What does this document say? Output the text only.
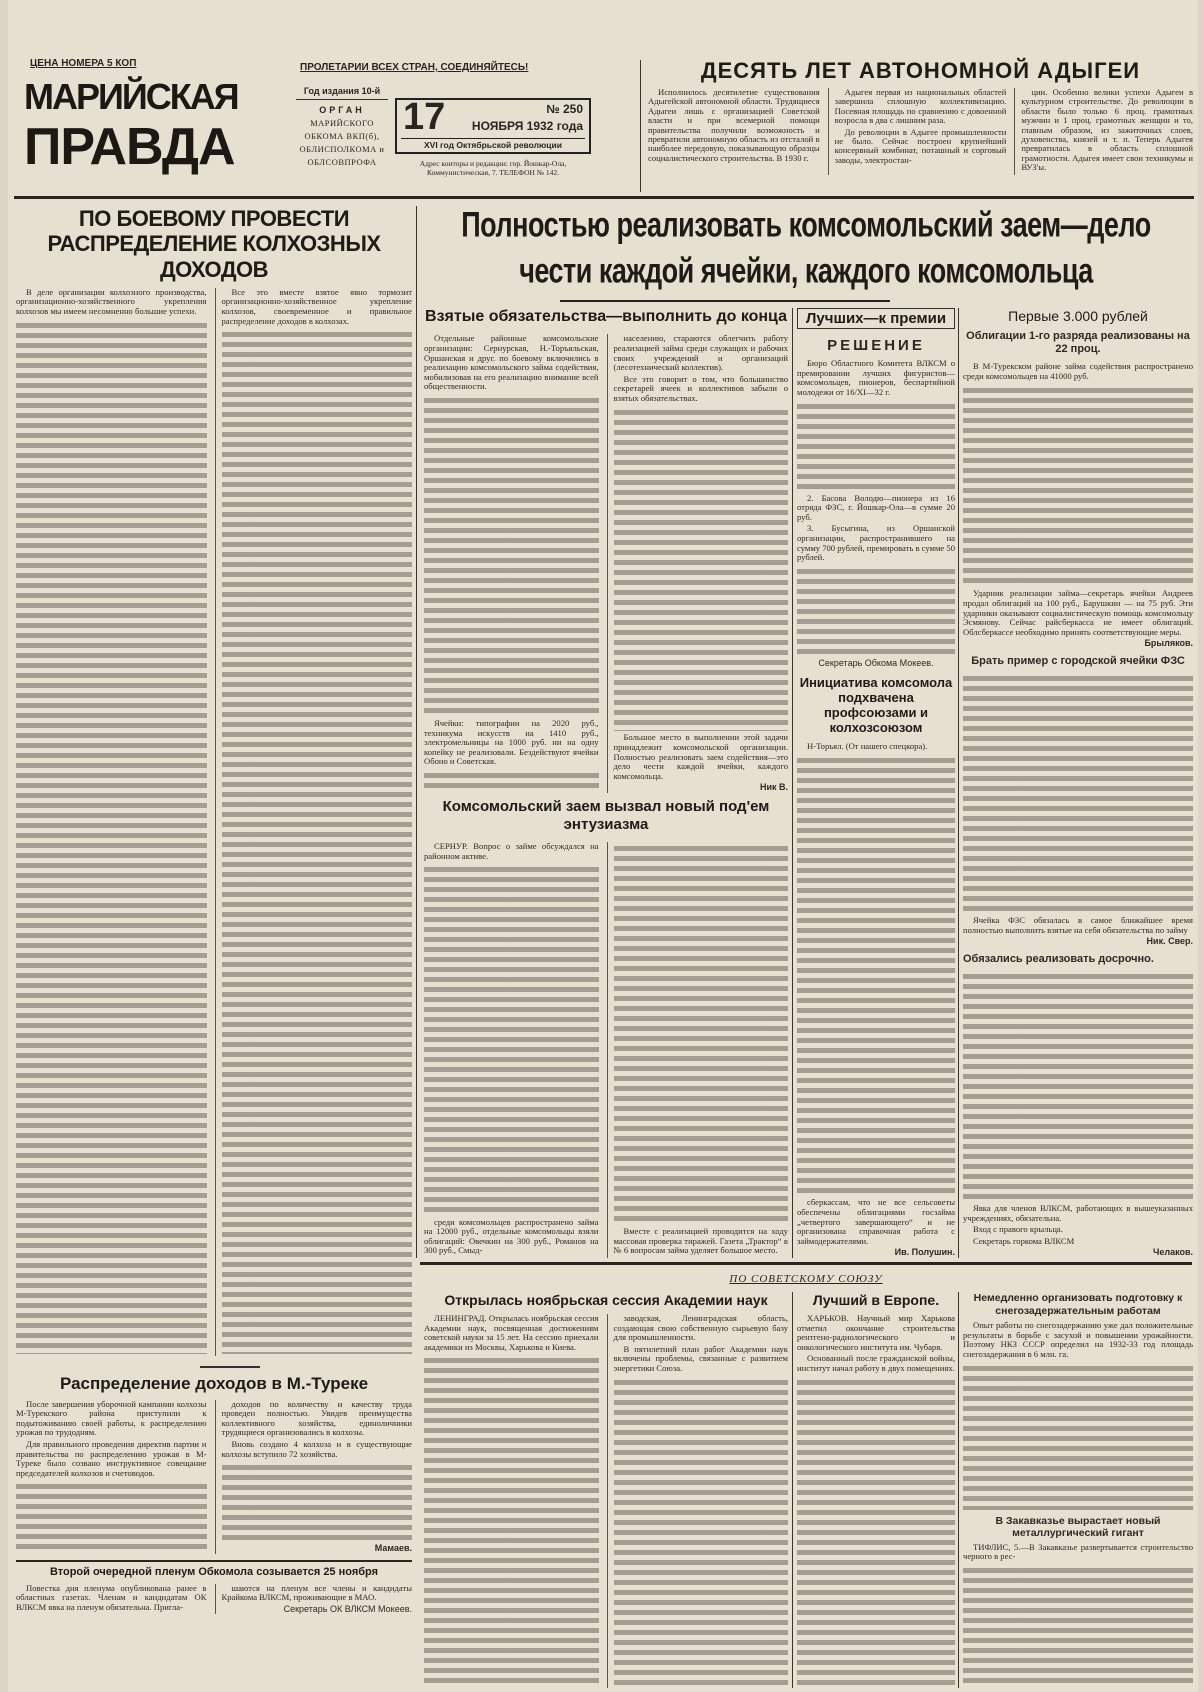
ЦЕНА НОМЕРА 5 КОП
МАРИЙСКАЯ
ПРАВДА
ПРОЛЕТАРИИ ВСЕХ СТРАН, СОЕДИНЯЙТЕСЬ!
Год издания 10-й
ОРГАН
МАРИЙСКОГО ОБКОМА ВКП(б), ОБЛИСПОЛКОМА и ОБЛСОВПРОФА
17	№ 250
НОЯБРЯ 1932 года
XVI год Октябрьской революции
Адрес конторы и редакции: гор. Йошкар-Ола, Коммунистическая, 7. ТЕЛЕФОН № 142.
ДЕСЯТЬ ЛЕТ АВТОНОМНОЙ АДЫГЕИ

Исполнилось десятилетие существования Адыгейской автономной области. Трудящиеся Адыгеи лишь с организацией Советской власти и при всемерной помощи правительства получили возможность и превратили автономную область из отсталой в наиболее передовую, показывающую образцы социалистического строительства. В 1930 г.

Адыгея первая из национальных областей завершила сплошную коллективизацию. Посевная площадь по сравнению с довоенной возросла в два с лишним раза.

До революции в Адыгее промышленности не было. Сейчас построен крупнейший консервный комбинат, поташный и сорговый заводы, электростан-

ции. Особенно велики успехи Адыгеи в культурном строительстве. До революции в области было только 6 проц. грамотных мужчин и 1 проц. грамотных женщин и то, главным образом, из зажиточных слоев, духовенства, князей и т. п. Теперь Адыгея превратилась в область сплошной грамотности. Адыгея имеет свои техникумы и ВУЗ'ы.

ПО БОЕВОМУ ПРОВЕСТИ РАСПРЕДЕЛЕНИЕ КОЛХОЗНЫХ ДОХОДОВ

В деле организации колхозного производства, организационно-хозяйственного укрепления колхозов мы имеем несомненно большие успехи.

Все это вместе взятое явно тормозит организационно-хозяйственное укрепление колхозов, своевременное и правильное распределение доходов в колхозах.

Полностью реализовать комсомольский заем—дело
чести каждой ячейки, каждого комсомольца
Взятые обязательства—выполнить до конца

Отдельные районные комсомольские организации: Сернурская, Н.-Торъяльская, Оршанская и друг. по боевому включились в реализацию комсомольского займа содействия, мобилизовав на его реализацию внимание всей общественности.

Ячейки: типографии на 2020 руб., техникума искусств на 1410 руб., электромельницы на 1000 руб. ни на одну копейку не реализовали. Бездействуют ячейки Обоно и Советская.

населению, стараются облегчить работу реализацией займа среди служащих и рабочих своих учреждений и организаций (лесотехнический коллектив).

Все это говорит о том, что большинство секретарей ячеек и коллективов забыли о взятых обязательствах.

Большое место в выполнении этой задачи принадлежит комсомольской организации. Полностью реализовать заем содействия—это дело чести каждой ячейки, каждого комсомольца.

Ник В.
Комсомольский заем вызвал новый под'ем энтузиазма

СЕРНУР. Вопрос о займе обсуждался на районном активе.

среди комсомольцев распространено займа на 12000 руб., отдельные комсомольцы взяли облигаций: Овечкин на 300 руб., Романов на 300 руб., Смыд-

Вместе с реализацией проводится на ходу массовая проверка тиражей. Газета „Трактор“ в № 6 вопросам займа уделяет большое место.

Лучших—к премии
РЕШЕНИЕ

Бюро Областного Комитета ВЛКСМ о премировании лучших фигуристов—комсомольцев, пионеров, беспартийной молодежи от 16/XI—32 г.

2. Басова Володю—пионера из 16 отряда ФЗС, г. Йошкар-Ола—в сумме 20 руб.

3. Бусыгина, из Оршанской организации, распространившего на сумму 700 рублей, премировать в сумме 50 рублей.

Секретарь Обкома Мокеев.
Инициатива комсомола подхвачена профсоюзами и колхозсоюзом

Н-Торьял. (От нашего спецкора).

сберкассам, что не все сельсоветы обеспечены облигациями госзайма „четвертого завершающего“ и не организована справочная работа с займодержателями.

Ив. Полушин.
Первые 3.000 рублей
Облигации 1-го разряда реализованы на 22 проц.

В М-Турекском районе займа содействия распространено среди комсомольцев на 41000 руб.

Ударник реализации займа—секретарь ячейки Андреев продал облигаций на 100 руб., Барушкин — на 75 руб. Эти ударники оказывают социалистическую помощь комсомольцу Эсмянову. Сейчас райсберкасса не имеет облигаций. Облсберкассе необходимо принять соответствующие меры.

Брыляков.
Брать пример с городской ячейки ФЗС

Ячейка ФЗС обязалась в самое ближайшее время полностью выполнить взятые на себя обязательства по займу

Ник. Свер.
Обязались реализовать досрочно.

Явка для членов ВЛКСМ, работающих в вышеуказанных учреждениях, обязательна.

Вход с правого крыльца.

Секретарь горкома ВЛКСМ

Челаков.
Распределение доходов в М.-Туреке

После завершения уборочной кампании колхозы М-Турекского района приступили к подытоживанию своей работы, к распределению урожая по трудодням.

Для правильного проведения директив партии и правительства по распределению урожая в М-Туреке было созвано инструктивное совещание председателей колхозов и счетоводов.

доходов по количеству и качеству труда проведен полностью. Увидев преимущества коллективного хозяйства, единоличники трудящиеся организовались в колхозы.

Вновь создано 4 колхоза и в существующие колхозы вступило 72 хозяйства.

Мамаев.
Второй очередной пленум Обкомола созывается 25 ноября

Повестка дня пленума опубликована ранее в областных газетах. Членам и кандидатам ОК ВЛКСМ явка на пленум обязательна. Пригла-

шаются на пленум все члены и кандидаты Крайкома ВЛКСМ, проживающие в МАО.

Секретарь ОК ВЛКСМ Мокеев.
ПО СОВЕТСКОМУ СОЮЗУ
Открылась ноябрьская сессия Академии наук

ЛЕНИНГРАД. Открылась ноябрьская сессия Академии наук, посвященная достижениям советской науки за 15 лет. На сессию приехали академики из Москвы, Харькова и Киева.

заводская, Ленинградская область, создающая свою собственную сырьевую базу для промышленности.

В пятилетний план работ Академии наук включены проблемы, связанные с развитием энергетики Союза.

Лучший в Европе.

ХАРЬКОВ. Научный мир Харькова отметил окончание строительства рентгено-радиологического и онкологического института им. Чубаря.

Основанный после гражданской войны, институт начал работу в двух помещениях.

Немедленно организовать подготовку к снегозадержательным работам

Опыт работы по снегозадержанию уже дал положительные результаты в борьбе с засухой и повышении урожайности. Поэтому НКЗ СССР определил на 1932-33 год площадь снегозадержания в 6 млн. га.

В Закавказье вырастает новый металлургический гигант

ТИФЛИС, 5.—В Закавказье развертывается строительство черного в рес-
